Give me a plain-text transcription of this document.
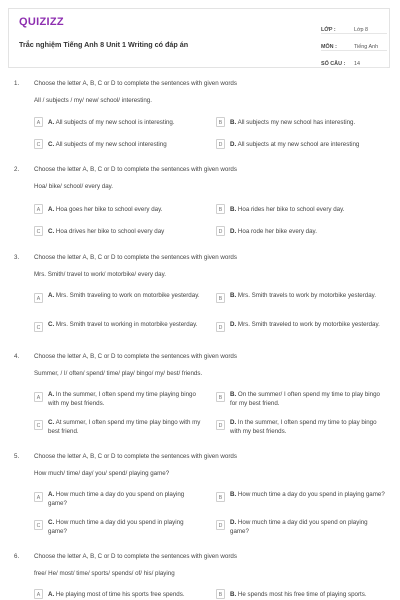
QUIZIZZ
Trắc nghiệm Tiếng Anh 8 Unit 1 Writing có đáp án
LỚP :	Lớp 8
MÔN :	Tiếng Anh
SỐ CÂU :	14
1. Choose the letter A, B, C or D to complete the sentences with given words
All / subjects / my/ new/ school/ interesting.
A	A. All subjects of my new school is interesting.	B	B. All subjects my new school has interesting.
C	C. All subjects of my new school interesting	D	D. All subjects at my new school are interesting
2. Choose the letter A, B, C or D to complete the sentences with given words
Hoa/ bike/ school/ every day.
A	A. Hoa goes her bike to school every day.	B	B. Hoa rides her bike to school every day.
C	C. Hoa drives her bike to school every day	D	D. Hoa rode her bike every day.
3. Choose the letter A, B, C or D to complete the sentences with given words
Mrs. Smith/ travel to work/ motorbike/ every day.
A	A. Mrs. Smith traveling to work on motorbike yesterday.	B	B. Mrs. Smith travels to work by motorbike yesterday.
C	C. Mrs. Smith travel to working in motorbike yesterday.	D	D. Mrs. Smith traveled to work by motorbike yesterday.
4. Choose the letter A, B, C or D to complete the sentences with given words
Summer, / I/ often/ spend/ time/ play/ bingo/ my/ best/ friends.
A	A. In the summer, I often spend my time playing bingo with my best friends.
B	B. On the summer/ I often spend my time to play bingo for my best friend.
C	C. At summer, I often spend my time play bingo with my best friend.
D	D. In the summer, I often spend my time to play bingo with my best friends.
5. Choose the letter A, B, C or D to complete the sentences with given words
How much/ time/ day/ you/ spend/ playing game?
A	A. How much time a day do you spend on playing game?
B	B. How much time a day do you spend in playing game?
C	C. How much time a day did you spend in playing game?
D	D. How much time a day did you spend on playing game?
6. Choose the letter A, B, C or D to complete the sentences with given words
free/ He/ most/ time/ sports/ spends/ of/ his/ playing
A	A. He playing most of time his sports free spends.	B	B. He spends most his free time of playing sports.
